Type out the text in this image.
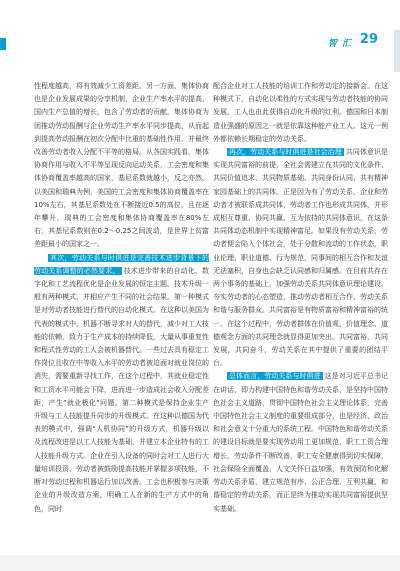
智 汇 29

性程度越高，将有效减少工资差距。另一方面，集体协商也是企业发展成果的分享机制，企业生产率水平的提高，国内生产总值的增长，包含了劳动者的贡献。集体协商为团推动劳动报酬与企业劳动生产率水平同步提高，从而起到提高劳动报酬在初次分配中比重的基础性作用，并最终改善劳动者收入分配不平等的格局。从各国实践看，集体协商作用与收入不平等呈现反向运动关系，工会密度和集体协商覆盖率越高的国家，基尼系数就越小，反之亦然。以美国和瑞典为例，美国的工会密度和集体协商覆盖率在10%左右，其基尼系数处在不断接近0.5的高位，且在逐年攀升，瑞典的工会密度和集体协商覆盖率在80%左右，其基尼系数则在0.2～0.25之间波动，是世界上贫富差距最小的国家之一。

其次，劳动关系与时俱进是完善技术进步背景下的劳动关系调整的必然要求。 技术进步带来的自动化、数字化和工艺流程优化是企业发展的恒定主题。技术升级一般有两种模式，并相应产生不同的社会结果。第一种模式是对劳动者技能进行替代的自动化模式。在这种以美国为代表的模式中，机器不断寻求对人的替代，减少对工人技能的依赖，致力于生产成本的持续降低，大量从事重复性和程式性劳动的工人会被机器替代。一些过去具有稳定工作岗位且收在中等收入水平的劳动者被迫面对就业岗位的消失，需要重新寻找工作，在这个过程中，其就业稳定性和工资水平可能会下降，进而进一步造成社会收入分配差距，产生“就业极化”问题。第二种模式是保持企业生产升级与工人技能提升同步的升级模式。在这种以德国为代表的模式中，强调“人机协同”的升级方式，机器升级以及流程改进是以工人技能为基础，并建立本企业特有的工人技能升级方式。企业在引入设备的同时会对工人进行大量培训投资，劳动者被鼓励提高技能并掌握多项技能，不断对劳动过程和机器运行加以改善。工会也积极参与决策企业的升级改造方案，明确工人在新的生产方式中的角色，同时

配合企业对工人技能的培训工作和劳动定的接新会。在这种模式下，自动化以柔性的方式实现与劳动者技能的协同发展，工人也由此获得自动化升级的红利。德国和日本制造业强盛的原因之一就是依靠这种能产业工人。这元一例外都依赖长期稳定的劳动关系。

再次，劳动关系与时俱进是社会治理 共同体意识是实现共同富裕的前提，全社会需建立在共同的文化条件、共同价值追求、共同物质基础、共同身份认同、共有精神家园基础上的共同体。正是因为有了劳动关系，企业和劳动者才被联系成共同体，劳动者工作也形成共同体，并形成相互尊重、协同共赢、互为依持的共同体意识，在这条共同体动态机制中实现精神富足。如果没有劳动关系，劳动者便会陷入个体社会，处于分散和流动的工作状态，职业伦理、职业道德、行为规范，同事间的相互合作和友谊无法塞积，自身也会缺乏认同感和归属感。在目前共存在两个事务的基础上，加强劳动关系共同体意识理论建设，夯实劳动者的心态塑造，推动劳动者相互合作、劳动关系和谐与服务群众。共同富裕是有物质富裕和精神富裕的统一。在这个过程中，劳动者群体在价值观、价值理念、道德观念方面的共同理念就显得更加突出。共同富裕，共同发展，共同奋斗，劳动关系在其中提供了重要的团结平台。

总体而言，劳动关系与时俱进 这是对习近平总书记在讲话，即力构建中国特色和谐劳动关系，是坚持中国特色社会主义道路，贯彻中国特色社会主义理论体系，完善中国特色社会主义制度的重要组成部分，也是经济、政治和社会意义十分重大的系统工程。中国特色和谐劳动关系的建设目标就是要实现劳动用工更加规范，职工工资合理增长，劳动条件不断改善，职工安全健康得到切实保障，社会保险全面覆盖，人文关怀日益加强，有效预防和化解劳动关系矛盾，建立规范有序、公正合理、互利共赢、和谐稳定的劳动关系，而正是终为推动实现共同富裕提供坚实基础。
